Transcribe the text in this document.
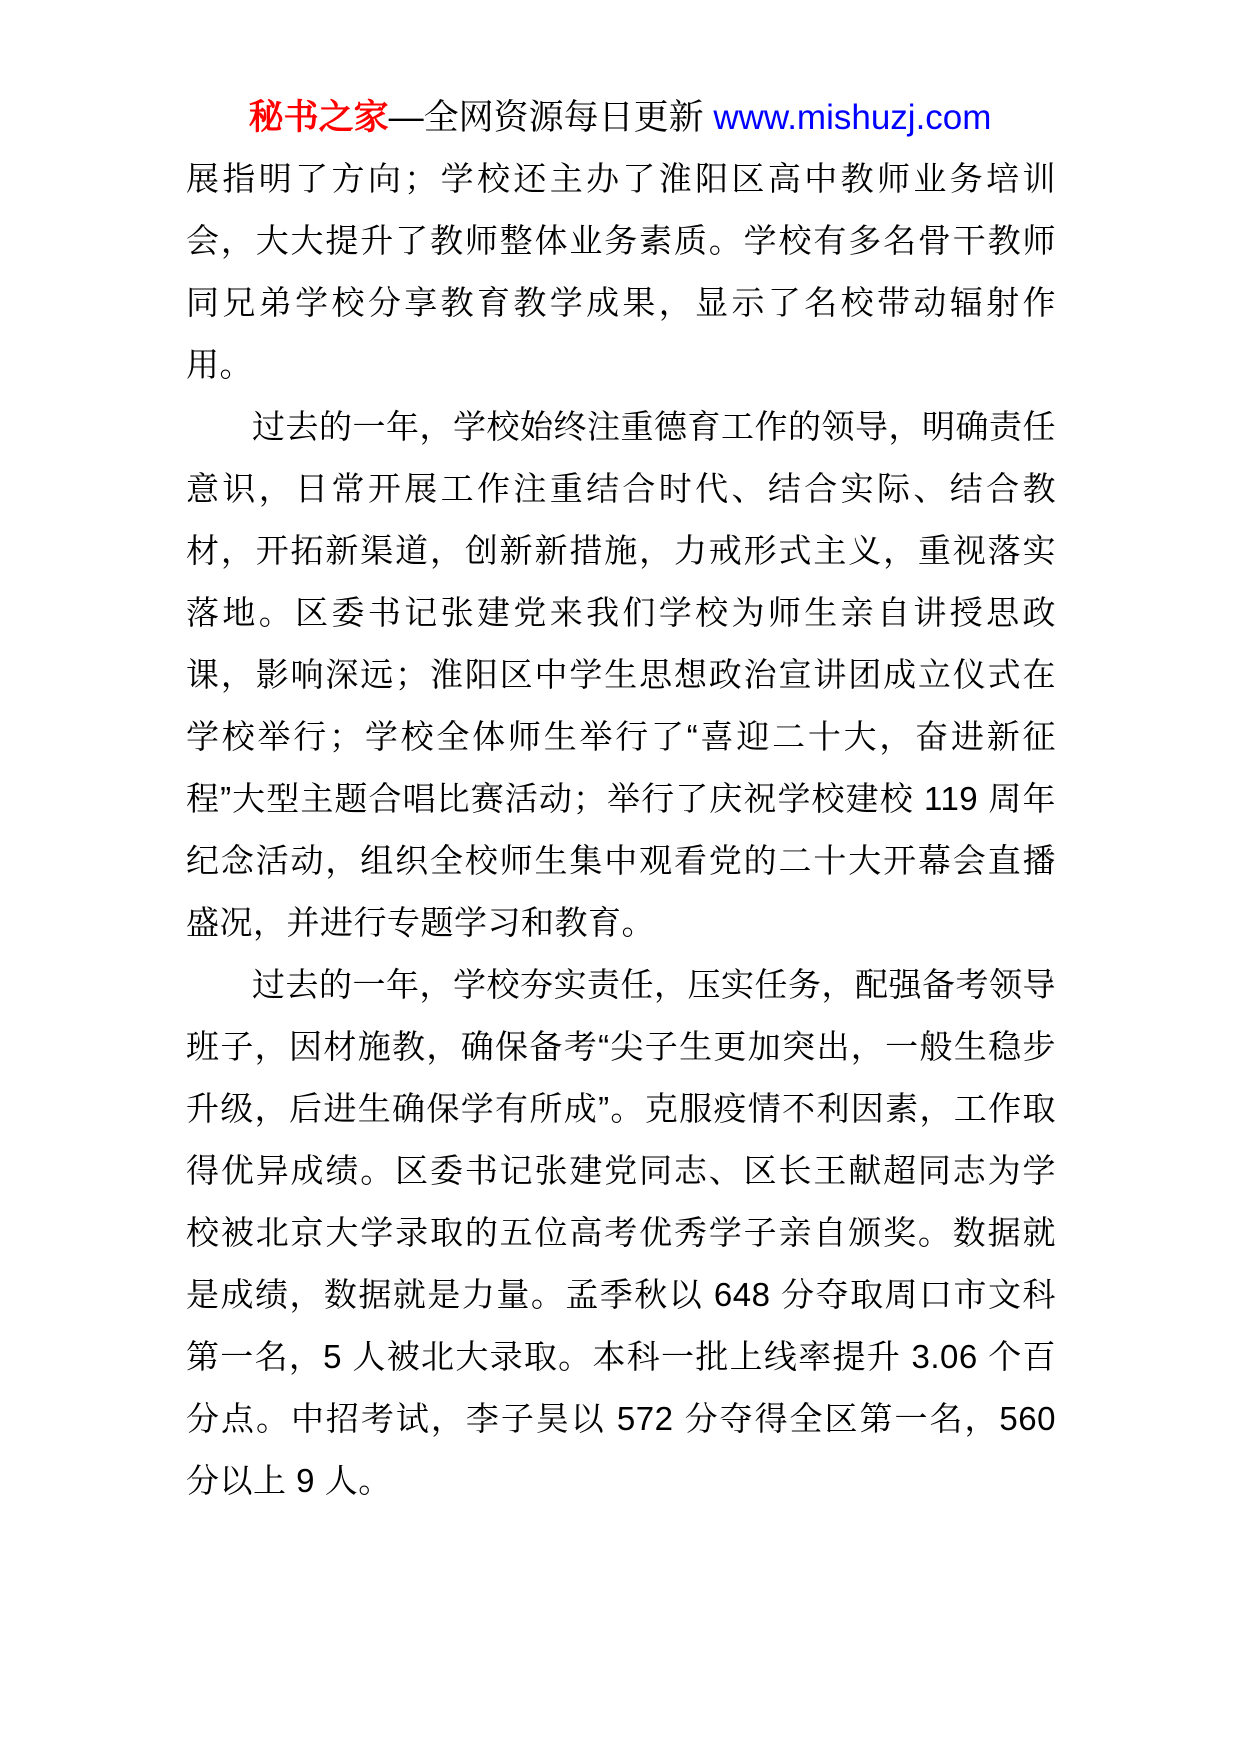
秘书之家—全网资源每日更新 www.mishuzj.com

展指明了方向；学校还主办了淮阳区高中教师业务培训会，大大提升了教师整体业务素质。学校有多名骨干教师同兄弟学校分享教育教学成果，显示了名校带动辐射作用。

过去的一年，学校始终注重德育工作的领导，明确责任意识，日常开展工作注重结合时代、结合实际、结合教材，开拓新渠道，创新新措施，力戒形式主义，重视落实落地。区委书记张建党来我们学校为师生亲自讲授思政课，影响深远；淮阳区中学生思想政治宣讲团成立仪式在学校举行；学校全体师生举行了“喜迎二十大，奋进新征程”大型主题合唱比赛活动；举行了庆祝学校建校 119 周年纪念活动，组织全校师生集中观看党的二十大开幕会直播盛况，并进行专题学习和教育。

过去的一年，学校夯实责任，压实任务，配强备考领导班子，因材施教，确保备考“尖子生更加突出，一般生稳步升级，后进生确保学有所成”。克服疫情不利因素，工作取得优异成绩。区委书记张建党同志、区长王献超同志为学校被北京大学录取的五位高考优秀学子亲自颁奖。数据就是成绩，数据就是力量。孟季秋以 648 分夺取周口市文科第一名，5 人被北大录取。本科一批上线率提升 3.06 个百分点。中招考试，李子昊以 572 分夺得全区第一名，560 分以上 9 人。
